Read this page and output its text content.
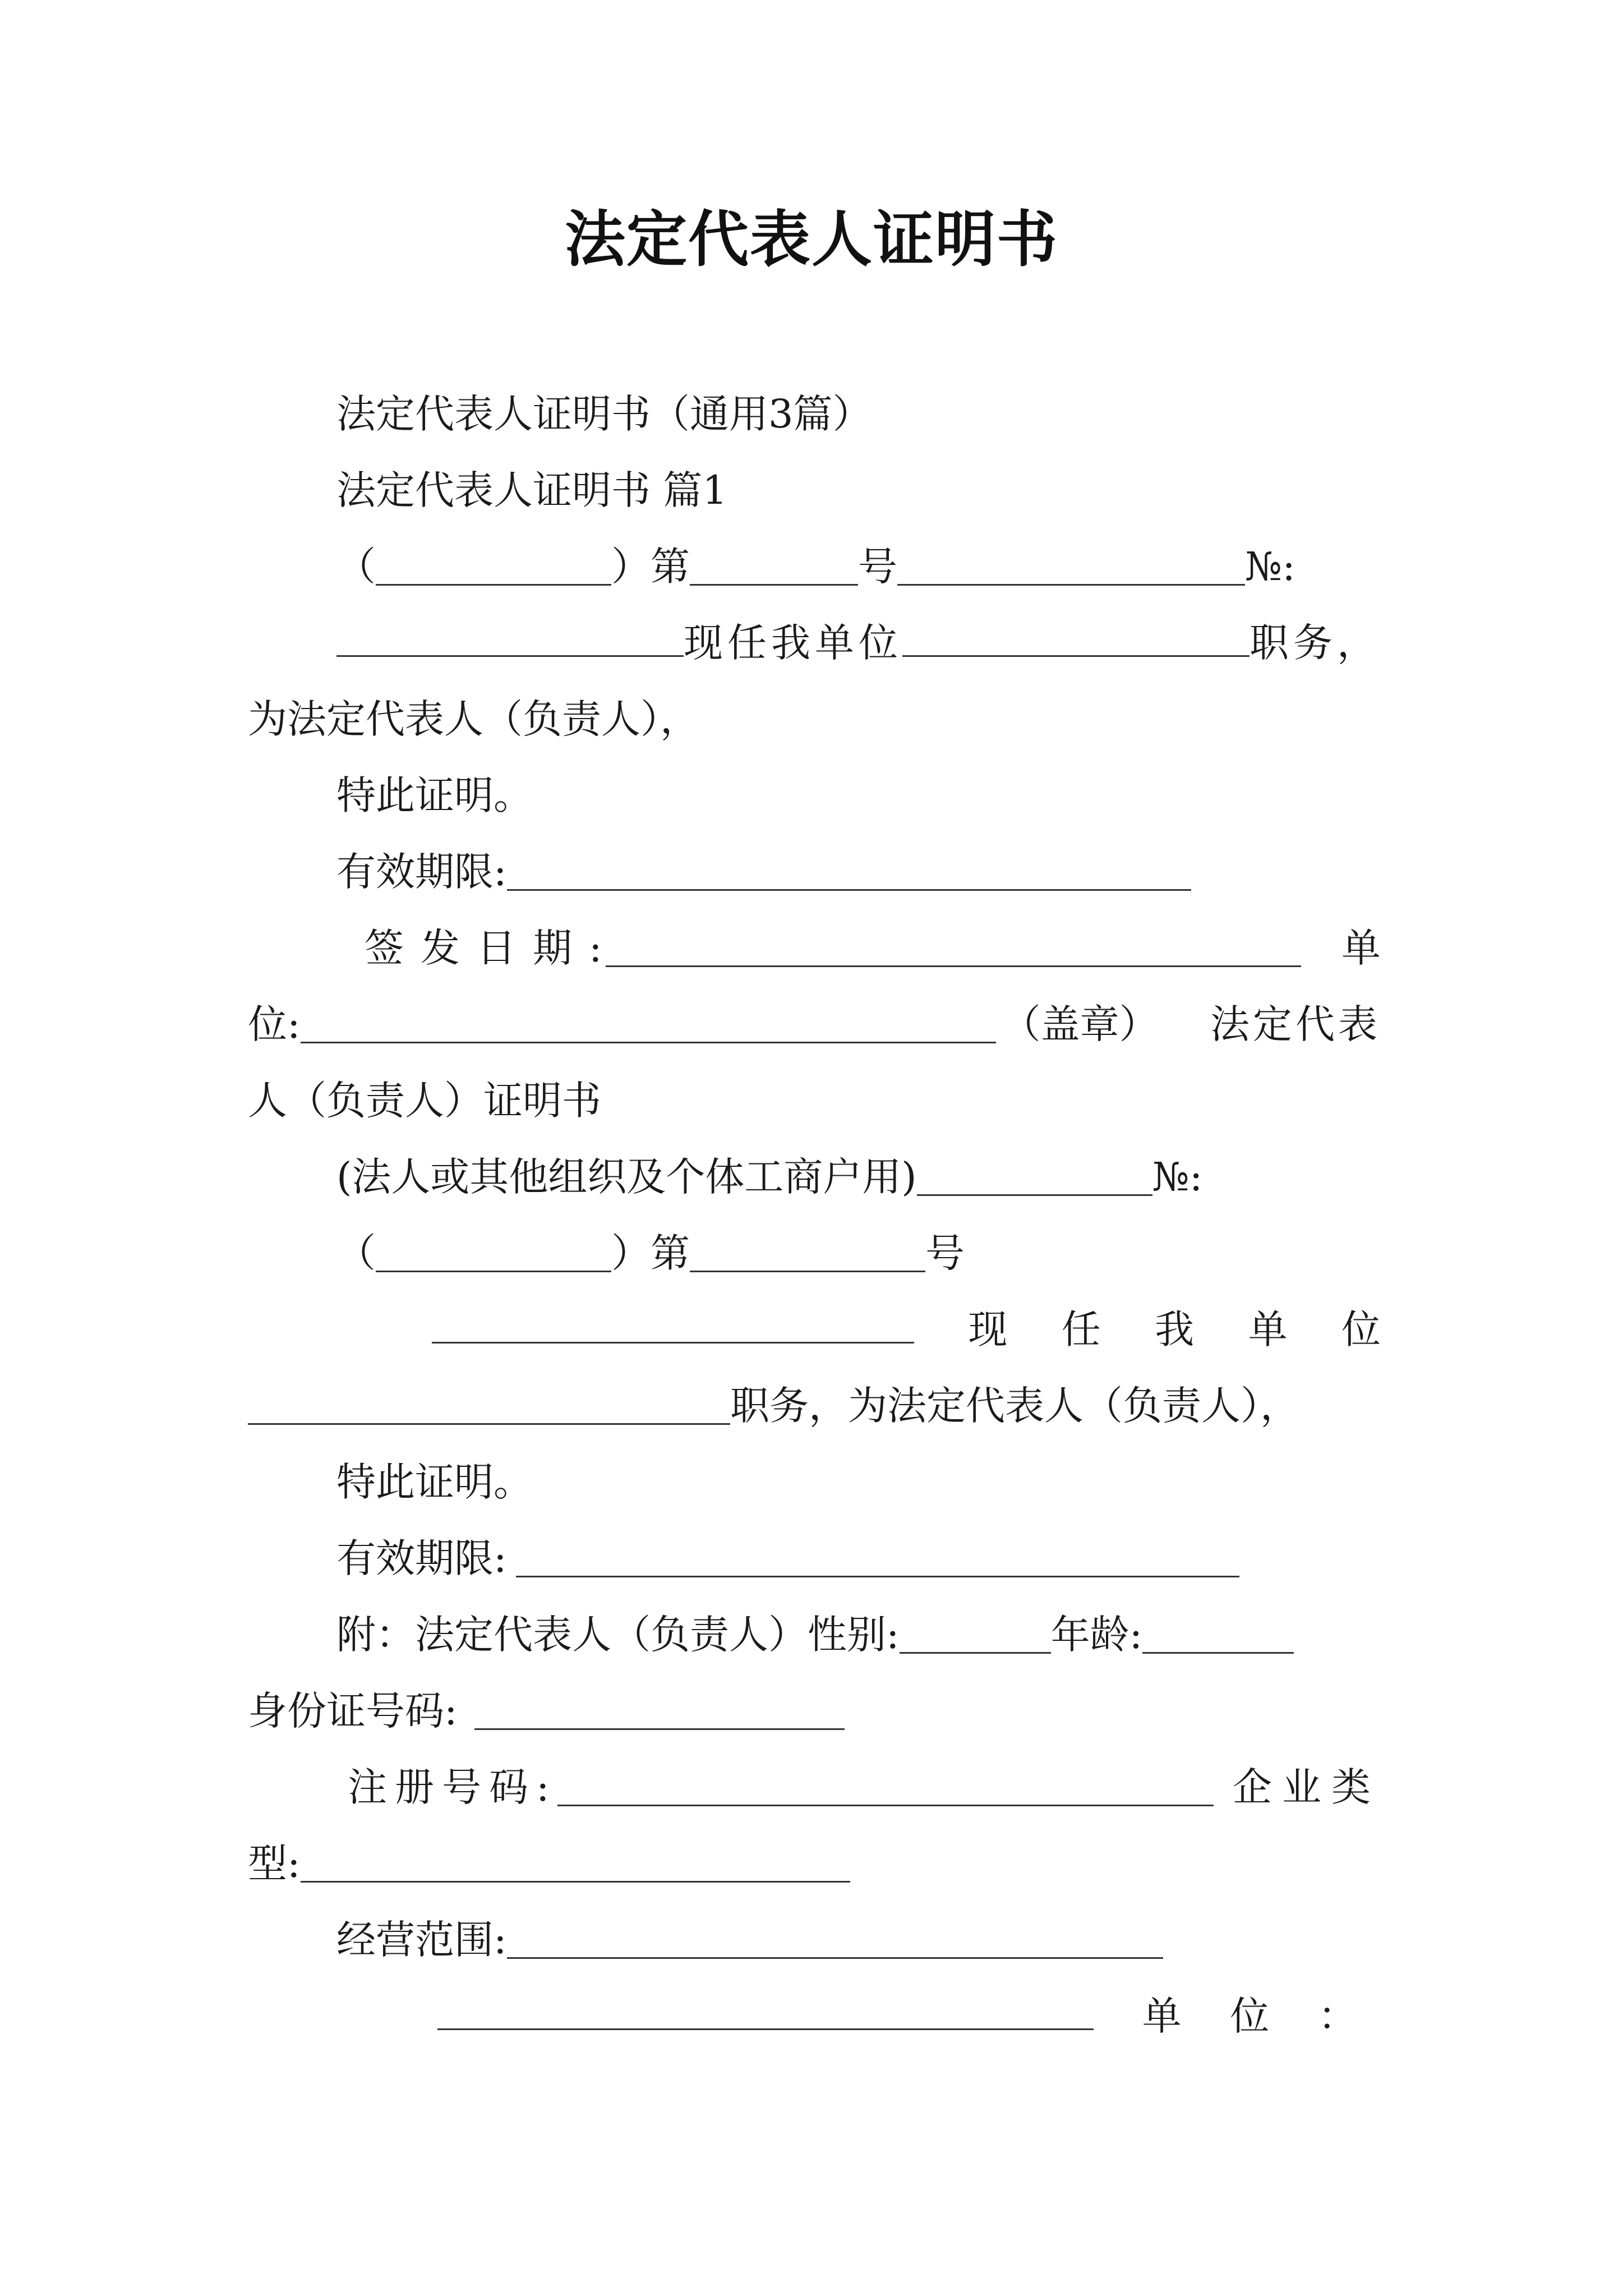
法定代表人证明书
法定代表人证明书（通用3篇）
法定代表人证明书 篇1
（	）第	号	№:
现任我单位	职务，
为法定代表人（负责人），
特此证明。
有效期限:
签 发 日 期 :	单
位:	（盖章） 法定代表
人（负责人）证明书
(法人或其他组织及个体工商户用)	№:
（	）第	号
现 任 我 单 位
职务，为法定代表人（负责人），
特此证明。
有效期限:
附：法定代表人（负责人）性别:	年龄:
身份证号码:
注册号码:	企业类
型:
经营范围:
单 位 ：
